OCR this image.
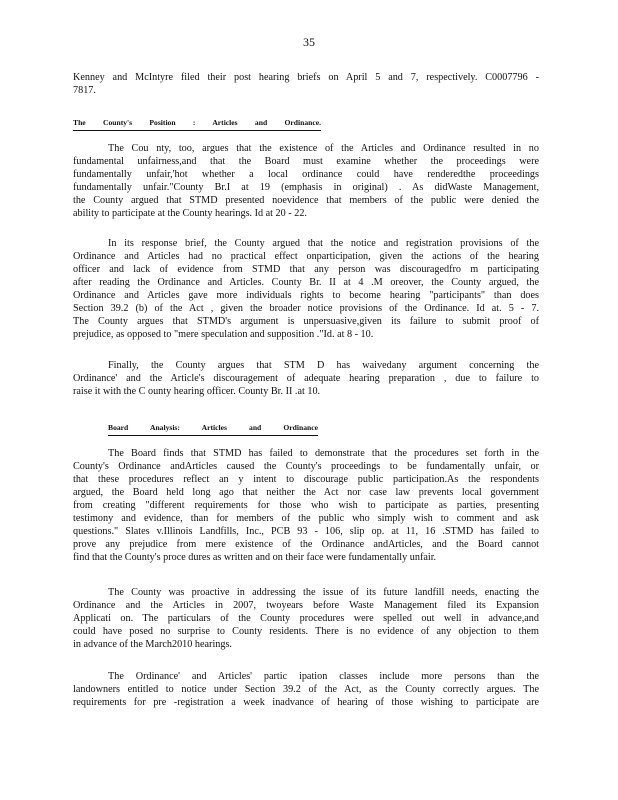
35
Kenney and McIntyre filed their post hearing briefs on April 5 and 7, respectively. C0007796 -
7817.
The County's Position : Articles and Ordinance.
The Cou nty, too, argues that the existence of the Articles and Ordinance resulted in no
fundamental unfairness,and that the Board must examine whether the proceedings were
fundamentally unfair,'hot whether a local ordinance could have renderedthe proceedings
fundamentally unfair."County Br.I at 19 (emphasis in original) . As didWaste Management,
the County argued that STMD presented noevidence that members of the public were denied the
ability to participate at the County hearings. Id at 20 - 22.
In its response brief, the County argued that the notice and registration provisions of the
Ordinance and Articles had no practical effect onparticipation, given the actions of the hearing
officer and lack of evidence from STMD that any person was discouragedfro m participating
after reading the Ordinance and Articles. County Br. II at 4 .M oreover, the County argued, the
Ordinance and Articles gave more individuals rights to become hearing "participants" than does
Section 39.2 (b) of the Act , given the broader notice provisions of the Ordinance. Id at. 5 - 7.
The County argues that STMD's argument is unpersuasive,given its failure to submit proof of
prejudice, as opposed to "mere speculation and supposition ."Id. at 8 - 10.
Finally, the County argues that STM D has waivedany argument concerning the
Ordinance' and the Article's discouragement of adequate hearing preparation , due to failure to
raise it with the C ounty hearing officer. County Br. II .at 10.
Board Analysis: Articles and Ordinance
The Board finds that STMD has failed to demonstrate that the procedures set forth in the
County's Ordinance andArticles caused the County's proceedings to be fundamentally unfair, or
that these procedures reflect an y intent to discourage public participation.As the respondents
argued, the Board held long ago that neither the Act nor case law prevents local government
from creating "different requirements for those who wish to participate as parties, presenting
testimony and evidence, than for members of the public who simply wish to comment and ask
questions." Slates v.Illinois Landfills, Inc., PCB 93 - 106, slip op. at 11, 16 .STMD has failed to
prove any prejudice from mere existence of the Ordinance andArticles, and the Board cannot
find that the County's proce dures as written and on their face were fundamentally unfair.
The County was proactive in addressing the issue of its future landfill needs, enacting the
Ordinance and the Articles in 2007, twoyears before Waste Management filed its Expansion
Applicati on. The particulars of the County procedures were spelled out well in advance,and
could have posed no surprise to County residents. There is no evidence of any objection to them
in advance of the March2010 hearings.
The Ordinance' and Articles' partic ipation classes include more persons than the
landowners entitled to notice under Section 39.2 of the Act, as the County correctly argues. The
requirements for pre -registration a week inadvance of hearing of those wishing to participate are
